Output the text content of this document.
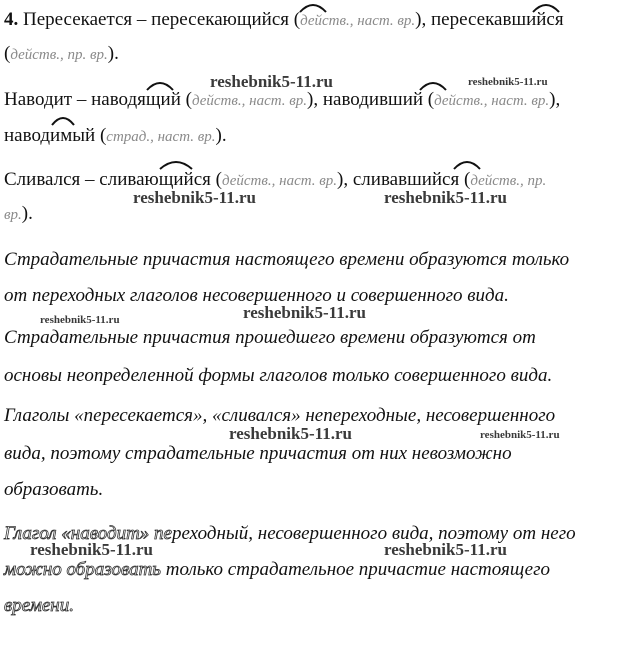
4. Пересекается – пересекающийся (действ., наст. вр.), пересекавшийся
(действ., пр. вр.).
reshebnik5-11.ru	reshebnik5-11.ru
Наводит – наводящий (действ., наст. вр.), наводивший (действ., наст. вр.),
наводимый (страд., наст. вр.).
Сливался – сливающийся (действ., наст. вр.), сливавшийся (действ., пр.
reshebnik5-11.ru	reshebnik5-11.ru
вр.).
Страдательные причастия настоящего времени образуются только
от переходных глаголов несовершенного и совершенного вида.
reshebnik5-11.ru	reshebnik5-11.ru
Страдательные причастия прошедшего времени образуются от
основы неопределенной формы глаголов только совершенного вида.
Глаголы «пересекается», «сливался» непереходные, несовершенного
reshebnik5-11.ru	reshebnik5-11.ru
вида, поэтому страдательные причастия от них невозможно
образовать.
Глагол «наводит» переходный, несовершенного вида, поэтому от него
reshebnik5-11.ru	reshebnik5-11.ru
можно образовать только страдательное причастие настоящего
времени.
